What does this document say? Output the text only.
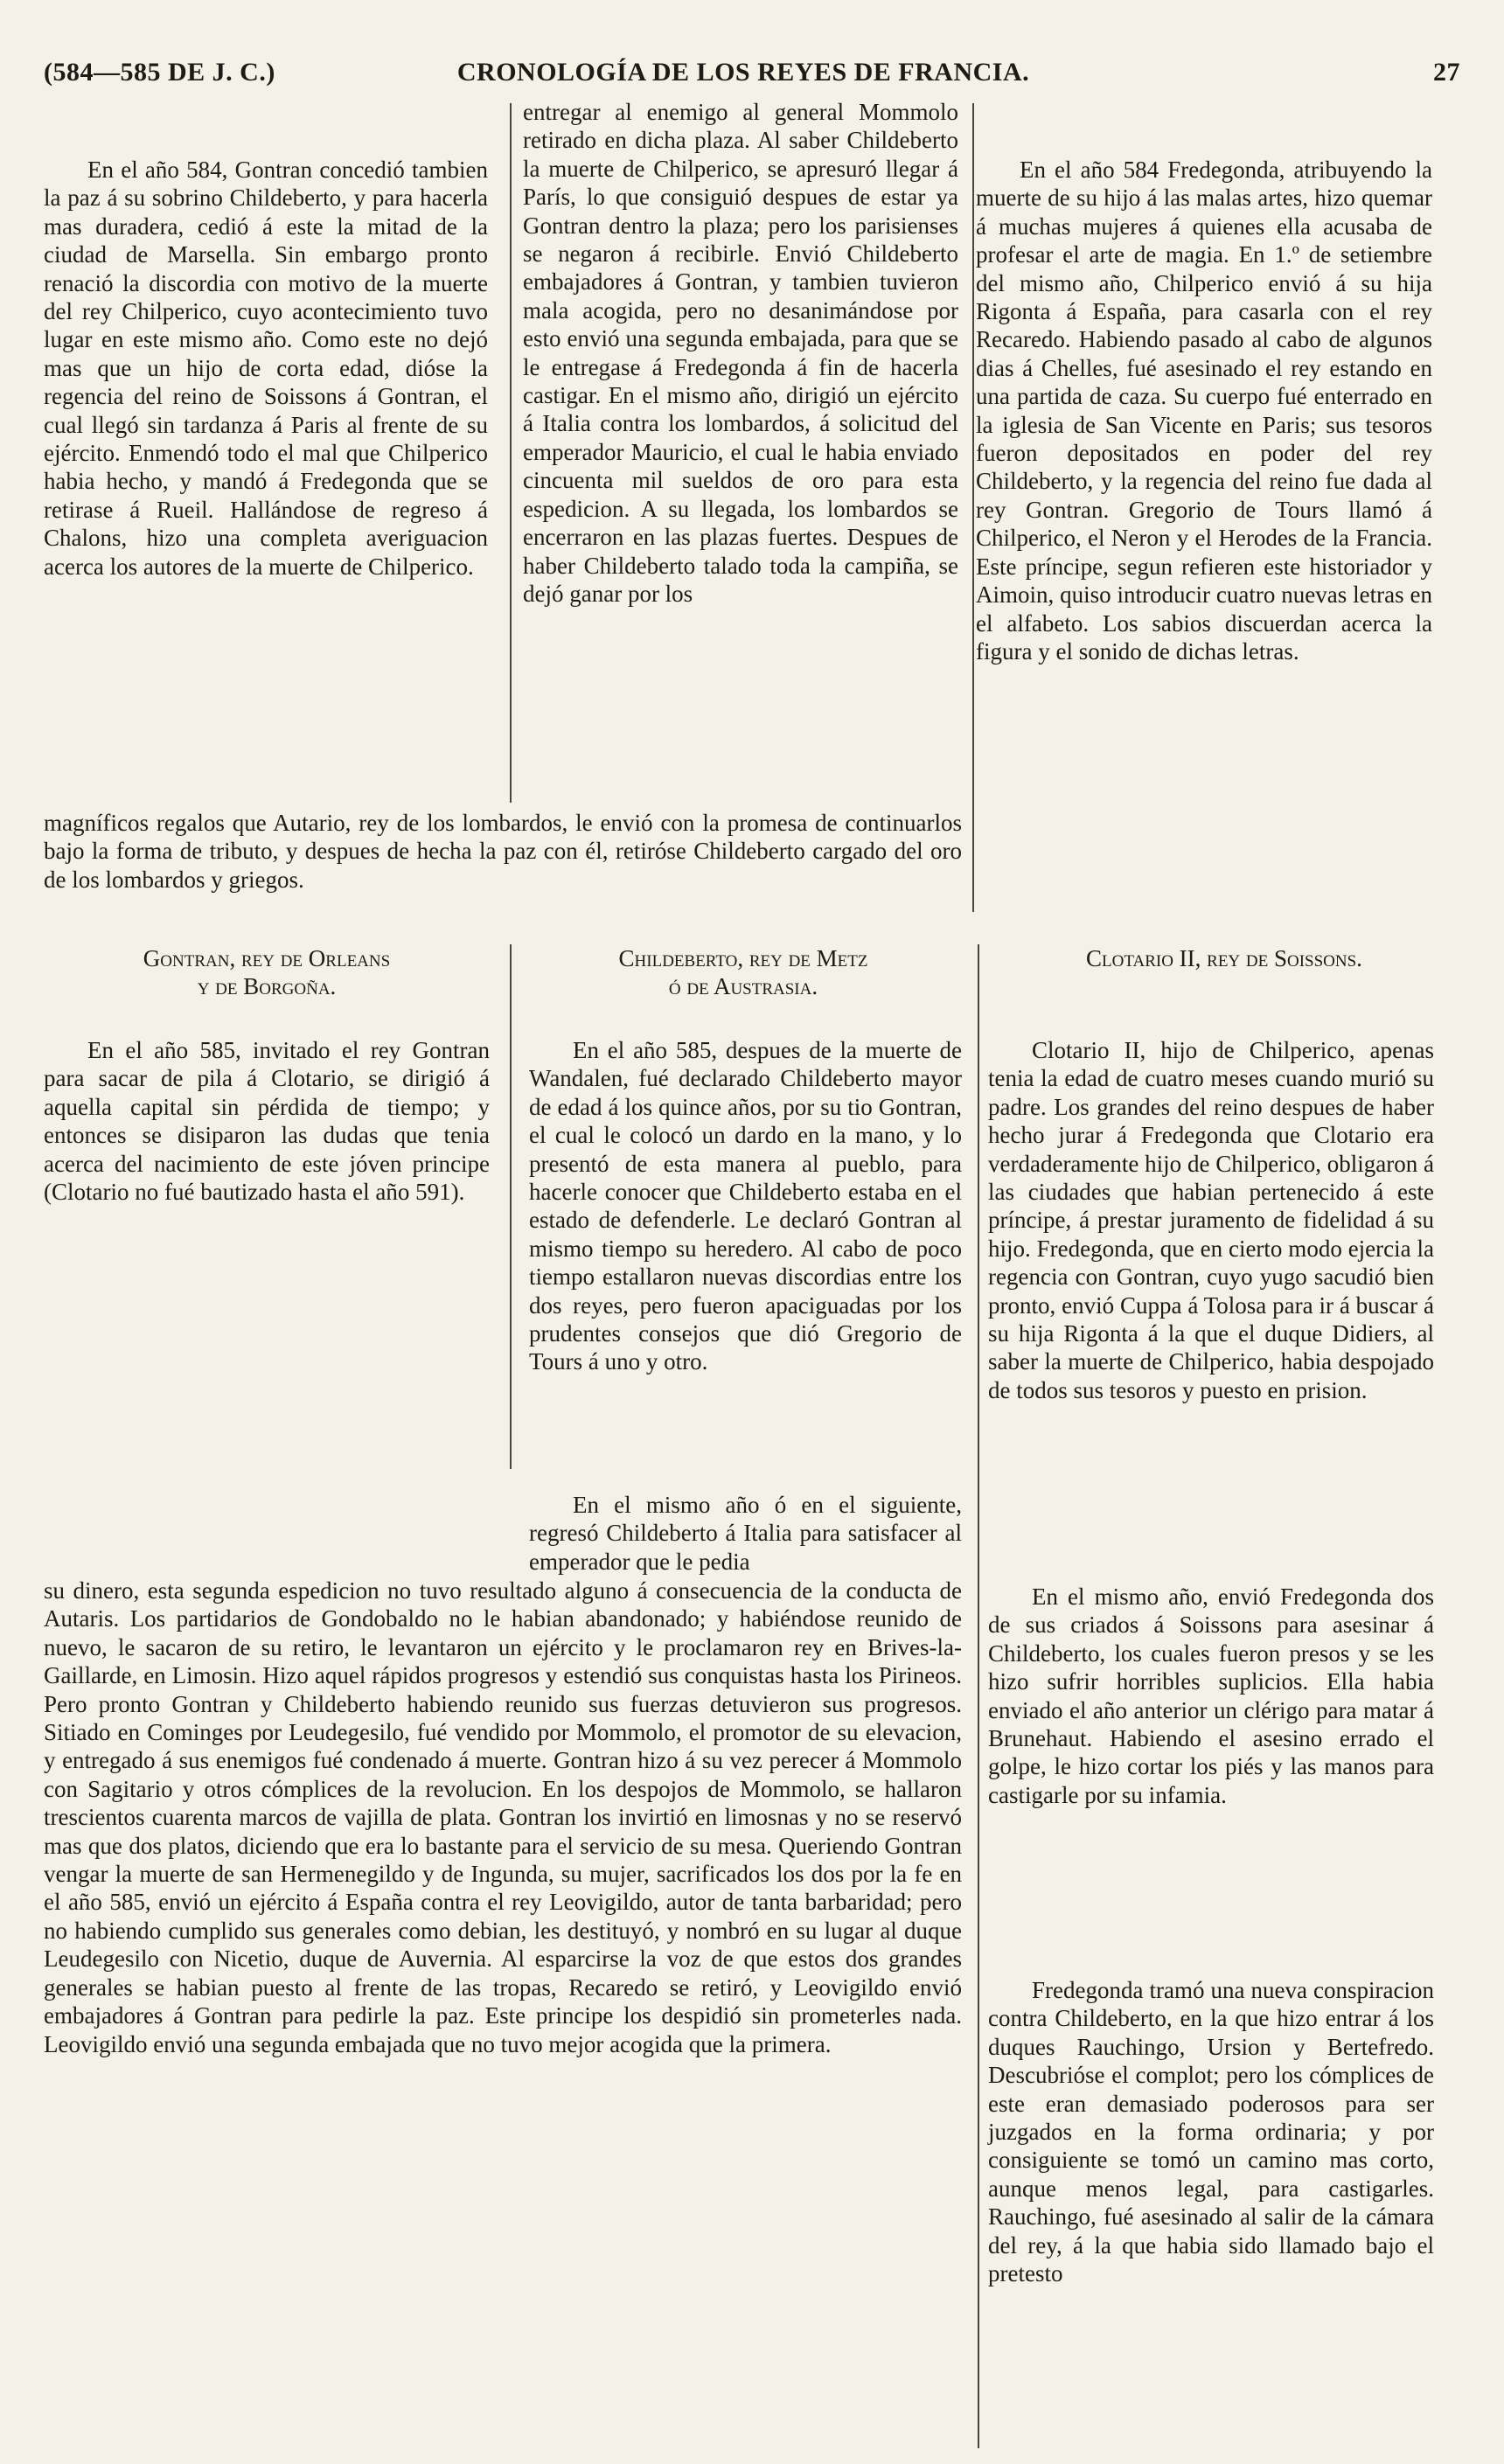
(584—585 DE J. C.)	CRONOLOGÍA DE LOS REYES DE FRANCIA.	27

En el año 584, Gontran concedió tambien la paz á su sobrino Childeberto, y para hacerla mas duradera, cedió á este la mitad de la ciudad de Marsella. Sin embargo pronto renació la discordia con motivo de la muerte del rey Chilperico, cuyo acontecimiento tuvo lugar en este mismo año. Como este no dejó mas que un hijo de corta edad, dióse la regencia del reino de Soissons á Gontran, el cual llegó sin tardanza á Paris al frente de su ejército. Enmendó todo el mal que Chilperico habia hecho, y mandó á Fredegonda que se retirase á Rueil. Hallándose de regreso á Chalons, hizo una completa averiguacion acerca los autores de la muerte de Chilperico.

entregar al enemigo al general Mommolo retirado en dicha plaza. Al saber Childeberto la muerte de Chilperico, se apresuró llegar á París, lo que consiguió despues de estar ya Gontran dentro la plaza; pero los parisienses se negaron á recibirle. Envió Childeberto embajadores á Gontran, y tambien tuvieron mala acogida, pero no desanimándose por esto envió una segunda embajada, para que se le entregase á Fredegonda á fin de hacerla castigar. En el mismo año, dirigió un ejército á Italia contra los lombardos, á solicitud del emperador Mauricio, el cual le habia enviado cincuenta mil sueldos de oro para esta espedicion. A su llegada, los lombardos se encerraron en las plazas fuertes. Despues de haber Childeberto talado toda la campiña, se dejó ganar por los

magníficos regalos que Autario, rey de los lombardos, le envió con la promesa de continuarlos bajo la forma de tributo, y despues de hecha la paz con él, retiróse Childeberto cargado del oro de los lombardos y griegos.

En el año 584 Fredegonda, atribuyendo la muerte de su hijo á las malas artes, hizo quemar á muchas mujeres á quienes ella acusaba de profesar el arte de magia. En 1.º de setiembre del mismo año, Chilperico envió á su hija Rigonta á España, para casarla con el rey Recaredo. Habiendo pasado al cabo de algunos dias á Chelles, fué asesinado el rey estando en una partida de caza. Su cuerpo fué enterrado en la iglesia de San Vicente en Paris; sus tesoros fueron depositados en poder del rey Childeberto, y la regencia del reino fue dada al rey Gontran. Gregorio de Tours llamó á Chilperico, el Neron y el Herodes de la Francia. Este príncipe, segun refieren este historiador y Aimoin, quiso introducir cuatro nuevas letras en el alfabeto. Los sabios discuerdan acerca la figura y el sonido de dichas letras.

Gontran, rey de Orleans

y de Borgoña.

Childeberto, rey de Metz

ó de Austrasia.

Clotario II, rey de Soissons.

En el año 585, invitado el rey Gontran para sacar de pila á Clotario, se dirigió á aquella capital sin pérdida de tiempo; y entonces se disiparon las dudas que tenia acerca del nacimiento de este jóven principe (Clotario no fué bautizado hasta el año 591).

En el año 585, despues de la muerte de Wandalen, fué declarado Childeberto mayor de edad á los quince años, por su tio Gontran, el cual le colocó un dardo en la mano, y lo presentó de esta manera al pueblo, para hacerle conocer que Childeberto estaba en el estado de defenderle. Le declaró Gontran al mismo tiempo su heredero. Al cabo de poco tiempo estallaron nuevas discordias entre los dos reyes, pero fueron apaciguadas por los prudentes consejos que dió Gregorio de Tours á uno y otro.

En el mismo año ó en el siguiente, regresó Childeberto á Italia para satisfacer al emperador que le pedia

su dinero, esta segunda espedicion no tuvo resultado alguno á consecuencia de la conducta de Autaris. Los partidarios de Gondobaldo no le habian abandonado; y habiéndose reunido de nuevo, le sacaron de su retiro, le levantaron un ejército y le proclamaron rey en Brives-la-Gaillarde, en Limosin. Hizo aquel rápidos progresos y estendió sus conquistas hasta los Pirineos. Pero pronto Gontran y Childeberto habiendo reunido sus fuerzas detuvieron sus progresos. Sitiado en Cominges por Leudegesilo, fué vendido por Mommolo, el promotor de su elevacion, y entregado á sus enemigos fué condenado á muerte. Gontran hizo á su vez perecer á Mommolo con Sagitario y otros cómplices de la revolucion. En los despojos de Mommolo, se hallaron trescientos cuarenta marcos de vajilla de plata. Gontran los invirtió en limosnas y no se reservó mas que dos platos, diciendo que era lo bastante para el servicio de su mesa. Queriendo Gontran vengar la muerte de san Hermenegildo y de Ingunda, su mujer, sacrificados los dos por la fe en el año 585, envió un ejército á España contra el rey Leovigildo, autor de tanta barbaridad; pero no habiendo cumplido sus generales como debian, les destituyó, y nombró en su lugar al duque Leudegesilo con Nicetio, duque de Auvernia. Al esparcirse la voz de que estos dos grandes generales se habian puesto al frente de las tropas, Recaredo se retiró, y Leovigildo envió embajadores á Gontran para pedirle la paz. Este principe los despidió sin prometerles nada. Leovigildo envió una segunda embajada que no tuvo mejor acogida que la primera.

Clotario II, hijo de Chilperico, apenas tenia la edad de cuatro meses cuando murió su padre. Los grandes del reino despues de haber hecho jurar á Fredegonda que Clotario era verdaderamente hijo de Chilperico, obligaron á las ciudades que habian pertenecido á este príncipe, á prestar juramento de fidelidad á su hijo. Fredegonda, que en cierto modo ejercia la regencia con Gontran, cuyo yugo sacudió bien pronto, envió Cuppa á Tolosa para ir á buscar á su hija Rigonta á la que el duque Didiers, al saber la muerte de Chilperico, habia despojado de todos sus tesoros y puesto en prision.

En el mismo año, envió Fredegonda dos de sus criados á Soissons para asesinar á Childeberto, los cuales fueron presos y se les hizo sufrir horribles suplicios. Ella habia enviado el año anterior un clérigo para matar á Brunehaut. Habiendo el asesino errado el golpe, le hizo cortar los piés y las manos para castigarle por su infamia.

Fredegonda tramó una nueva conspiracion contra Childeberto, en la que hizo entrar á los duques Rauchingo, Ursion y Bertefredo. Descubrióse el complot; pero los cómplices de este eran demasiado poderosos para ser juzgados en la forma ordinaria; y por consiguiente se tomó un camino mas corto, aunque menos legal, para castigarles. Rauchingo, fué asesinado al salir de la cámara del rey, á la que habia sido llamado bajo el pretesto
